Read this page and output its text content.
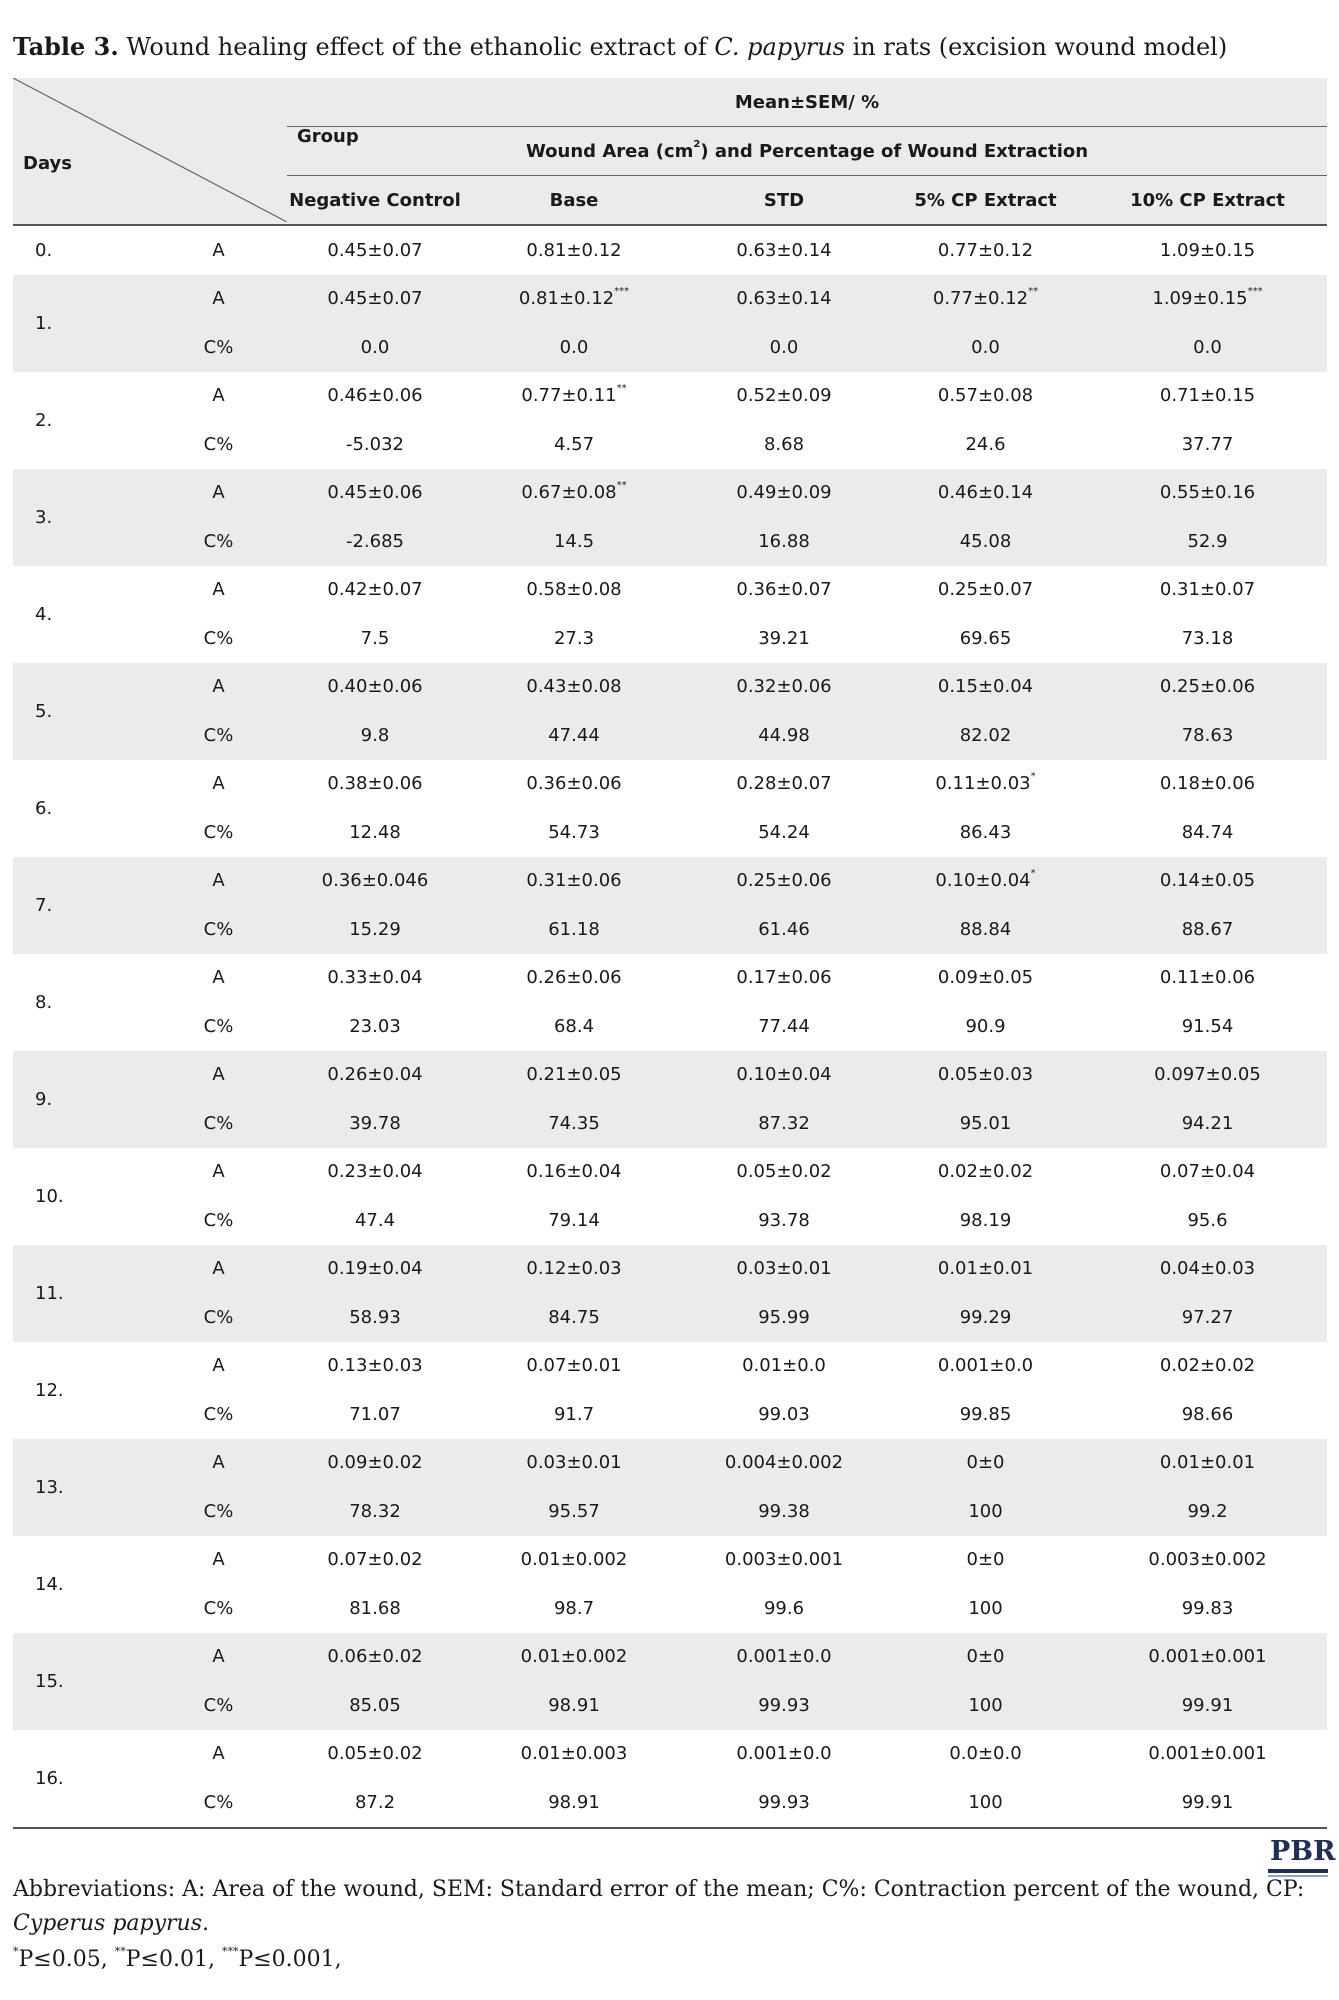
Table 3. Wound healing effect of the ethanolic extract of C. papyrus in rats (excision wound model)
Days
Group		Mean±SEM/ %				
		Wound Area $(cm^2)$ and Percentage of Wound Extraction				
		Negative Control	Base	STD	5% CP Extract	10% CP Extract
0.	A	0.45±0.07	0.81±0.12	0.63±0.14	0.77±0.12	1.09±0.15
1.	A	0.45±0.07	0.81±0.12***	0.63±0.14	0.77±0.12**	1.09±0.15***
	C%	0.0	0.0	0.0	0.0	0.0
2.	A	0.46±0.06	0.77±0.11**	0.52±0.09	0.57±0.08	0.71±0.15
	C%	-5.032	4.57	8.68	24.6	37.77
3.	A	0.45±0.06	0.67±0.08**	0.49±0.09	0.46±0.14	0.55±0.16
	C%	-2.685	14.5	16.88	45.08	52.9
4.	A	0.42±0.07	0.58±0.08	0.36±0.07	0.25±0.07	0.31±0.07
	C%	7.5	27.3	39.21	69.65	73.18
5.	A	0.40±0.06	0.43±0.08	0.32±0.06	0.15±0.04	0.25±0.06
	C%	9.8	47.44	44.98	82.02	78.63
6.	A	0.38±0.06	0.36±0.06	0.28±0.07	0.11±0.03*	0.18±0.06
	C%	12.48	54.73	54.24	86.43	84.74
7.	A	0.36±0.046	0.31±0.06	0.25±0.06	0.10±0.04*	0.14±0.05
	C%	15.29	61.18	61.46	88.84	88.67
8.	A	0.33±0.04	0.26±0.06	0.17±0.06	0.09±0.05	0.11±0.06
	C%	23.03	68.4	77.44	90.9	91.54
9.	A	0.26±0.04	0.21±0.05	0.10±0.04	0.05±0.03	0.097±0.05
	C%	39.78	74.35	87.32	95.01	94.21
10.	A	0.23±0.04	0.16±0.04	0.05±0.02	0.02±0.02	0.07±0.04
	C%	47.4	79.14	93.78	98.19	95.6
11.	A	0.19±0.04	0.12±0.03	0.03±0.01	0.01±0.01	0.04±0.03
	C%	58.93	84.75	95.99	99.29	97.27
12.	A	0.13±0.03	0.07±0.01	0.01±0.0	0.001±0.0	0.02±0.02
	C%	71.07	91.7	99.03	99.85	98.66
13.	A	0.09±0.02	0.03±0.01	0.004±0.002	0±0	0.01±0.01
	C%	78.32	95.57	99.38	100	99.2
14.	A	0.07±0.02	0.01±0.002	0.003±0.001	0±0	0.003±0.002
	C%	81.68	98.7	99.6	100	99.83
15.	A	0.06±0.02	0.01±0.002	0.001±0.0	0±0	0.001±0.001
	C%	85.05	98.91	99.93	100	99.91
16.	A	0.05±0.02	0.01±0.003	0.001±0.0	0.0±0.0	0.001±0.001
	C%	87.2	98.91	99.93	100	99.91
PBR
Abbreviations: A: Area of the wound, SEM: Standard error of the mean; C%: Contraction percent of the wound, CP: Cyperus papyrus.
*P≤0.05, **P≤0.01, ***P≤0.001,
